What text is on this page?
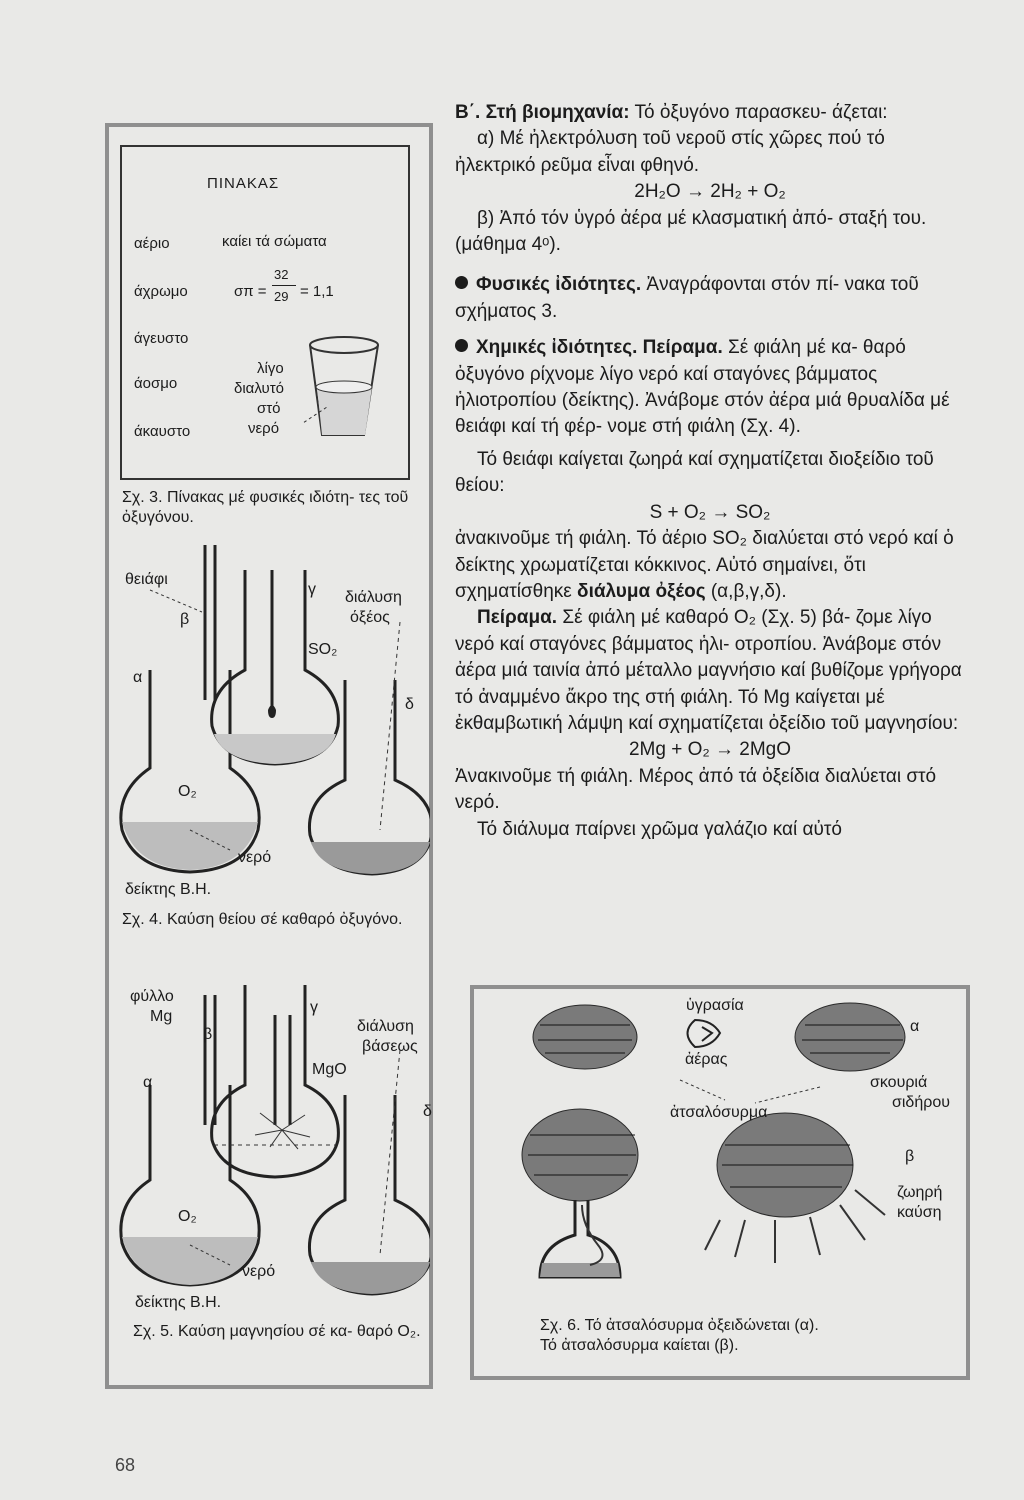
ΠΙΝΑΚΑΣ
αέριο	καίει τά σώματα
άχρωμο	σπ =
32
29 = 1,1
άγευστο
άοσμο
άκαυστο
λίγο
διαλυτό
στό
νερό
Σχ. 3. Πίνακας μέ φυσικές ιδιότη- τες τοῦ ὀξυγόνου.
θειάφι
β
γ διάλυση
όξέος
SO₂
α
δ
O₂
νερό
δείκτης Β.Η.
Σχ. 4. Καύση θείου σέ καθαρό ὀξυγόνο.
φύλλο
Mg
β
γ
διάλυση
βάσεως
MgO
α
δ
O₂
νερό
δείκτης Β.Η.
Σχ. 5. Καύση μαγνησίου σέ κα- θαρό O₂.

Β΄. Στή βιομηχανία: Τό ὀξυγόνο παρασκευ- άζεται:

α) Μέ ἠλεκτρόλυση τοῦ νεροῦ στίς χῶρες πού τό ἠλεκτρικό ρεῦμα εἶναι φθηνό.

2H₂O → 2H₂ + O₂

β) Ἀπό τόν ὑγρό ἀέρα μέ κλασματική ἀπό- σταξή του. (μάθημα 4ᵒ).

Φυσικές ἰδιότητες. Ἀναγράφονται στόν πί- νακα τοῦ σχήματος 3.

Χημικές ἰδιότητες. Πείραμα. Σέ φιάλη μέ κα- θαρό ὀξυγόνο ρίχνομε λίγο νερό καί σταγόνες βάμματος ἡλιοτροπίου (δείκτης). Ἀνάβομε στόν ἀέρα μιά θρυαλίδα μέ θειάφι καί τή φέρ- νομε στή φιάλη (Σχ. 4).

Τό θειάφι καίγεται ζωηρά καί σχηματίζεται διοξείδιο τοῦ θείου:

S + O₂ → SO₂

ἀνακινοῦμε τή φιάλη. Τό ἀέριο SO₂ διαλύεται στό νερό καί ὁ δείκτης χρωματίζεται κόκκινος. Αὐτό σημαίνει, ὅτι σχηματίσθηκε διάλυμα ὀξέος (α,β,γ,δ).

Πείραμα. Σέ φιάλη μέ καθαρό O₂ (Σχ. 5) βά- ζομε λίγο νερό καί σταγόνες βάμματος ἡλι- οτροπίου. Ἀνάβομε στόν ἀέρα μιά ταινία ἀπό μέταλλο μαγνήσιο καί βυθίζομε γρήγορα τό ἀναμμένο ἄκρο της στή φιάλη. Τό Mg καίγεται μέ ἐκθαμβωτική λάμψη καί σχηματίζεται ὀξείδιο τοῦ μαγνησίου:

2Mg + O₂ → 2MgO

Ἀνακινοῦμε τή φιάλη. Μέρος ἀπό τά ὀξείδια διαλύεται στό νερό.

Τό διάλυμα παίρνει χρῶμα γαλάζιο καί αὐτό

ὑγρασία
ἀέρας
α
σκουριά
σιδήρου
ἀτσαλόσυρμα
β
ζωηρή
καύση
Σχ. 6. Τό ἀτσαλόσυρμα ὀξειδώνεται (α).
Τό ἀτσαλόσυρμα καίεται (β).
68
